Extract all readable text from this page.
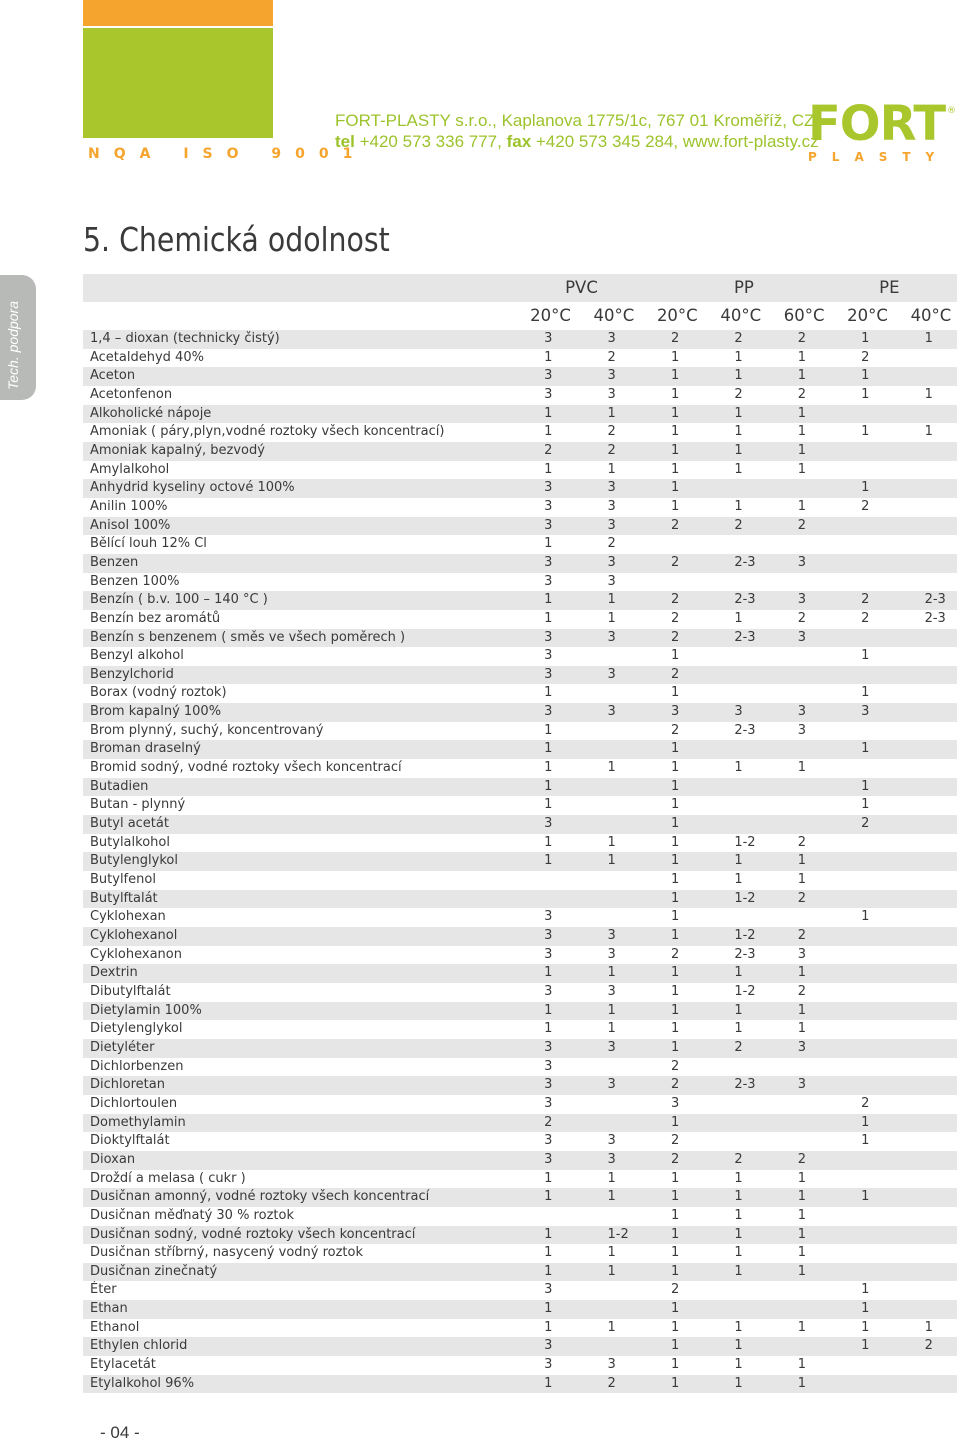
NQA ISO 9001
FORT-PLASTY s.r.o., Kaplanova 1775/1c, 767 01 Kroměříž, CZ
tel +420 573 336 777, fax +420 573 345 284, www.fort-plasty.cz
FORT ®
PLASTY
5. Chemická odolnost
Tech. podpora
	PVC		PP			PE	
	20°C	40°C	20°C	40°C	60°C	20°C	40°C
1,4 – dioxan (technicky čistý)	3	3	2	2	2	1	1
Acetaldehyd 40%	1	2	1	1	1	2	
Aceton	3	3	1	1	1	1	
Acetonfenon	3	3	1	2	2	1	1
Alkoholické nápoje	1	1	1	1	1		
Amoniak ( páry,plyn,vodné roztoky všech koncentrací)	1	2	1	1	1	1	1
Amoniak kapalný, bezvodý	2	2	1	1	1		
Amylalkohol	1	1	1	1	1		
Anhydrid kyseliny octové 100%	3	3	1			1	
Anilin 100%	3	3	1	1	1	2	
Anisol 100%	3	3	2	2	2		
Bělící louh 12% Cl	1	2					
Benzen	3	3	2	2-3	3		
Benzen 100%	3	3					
Benzín ( b.v. 100 – 140 °C )	1	1	2	2-3	3	2	2-3
Benzín bez aromátů	1	1	2	1	2	2	2-3
Benzín s benzenem ( směs ve všech poměrech )	3	3	2	2-3	3		
Benzyl alkohol	3		1			1	
Benzylchorid	3	3	2				
Borax (vodný roztok)	1		1			1	
Brom kapalný 100%	3	3	3	3	3	3	
Brom plynný, suchý, koncentrovaný	1		2	2-3	3		
Broman draselný	1		1			1	
Bromid sodný, vodné roztoky všech koncentrací	1	1	1	1	1		
Butadien	1		1			1	
Butan - plynný	1		1			1	
Butyl acetát	3		1			2	
Butylalkohol	1	1	1	1-2	2		
Butylenglykol	1	1	1	1	1		
Butylfenol			1	1	1		
Butylftalát			1	1-2	2		
Cyklohexan	3		1			1	
Cyklohexanol	3	3	1	1-2	2		
Cyklohexanon	3	3	2	2-3	3		
Dextrin	1	1	1	1	1		
Dibutylftalát	3	3	1	1-2	2		
Dietylamin 100%	1	1	1	1	1		
Dietylenglykol	1	1	1	1	1		
Dietyléter	3	3	1	2	3		
Dichlorbenzen	3		2				
Dichloretan	3	3	2	2-3	3		
Dichlortoulen	3		3			2	
Domethylamin	2		1			1	
Dioktylftalát	3	3	2			1	
Dioxan	3	3	2	2	2		
Droždí a melasa ( cukr )	1	1	1	1	1		
Dusičnan amonný, vodné roztoky všech koncentrací	1	1	1	1	1	1	
Dusičnan měďnatý 30 % roztok			1	1	1		
Dusičnan sodný, vodné roztoky všech koncentrací	1	1-2	1	1	1		
Dusičnan stříbrný, nasycený vodný roztok	1	1	1	1	1		
Dusičnan zinečnatý	1	1	1	1	1		
Éter	3		2			1	
Ethan	1		1			1	
Ethanol	1	1	1	1	1	1	1
Ethylen chlorid	3		1	1		1	2
Etylacetát	3	3	1	1	1		
Etylalkohol 96%	1	2	1	1	1		
- 04 -
